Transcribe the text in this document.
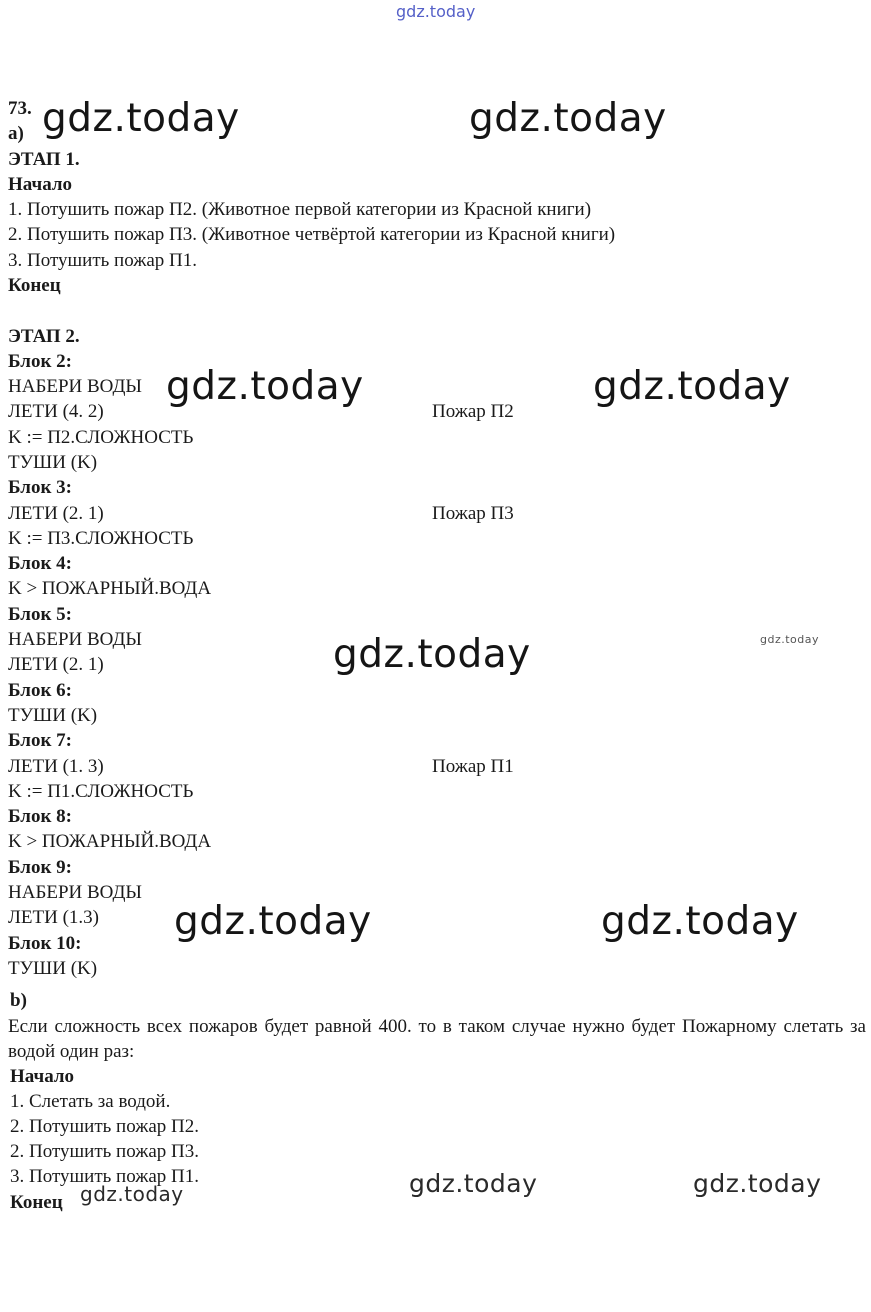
gdz.today
73.
а)
ЭТАП 1.
Начало
1. Потушить пожар П2. (Животное первой категории из Красной книги)
2. Потушить пожар П3. (Животное четвёртой категории из Красной книги)
3. Потушить пожар П1.
Конец
ЭТАП 2.
Блок 2:
НАБЕРИ ВОДЫ
ЛЕТИ (4. 2)	Пожар П2
K := П2.СЛОЖНОСТЬ
ТУШИ (K)
Блок 3:
ЛЕТИ (2. 1)	Пожар П3
K := П3.СЛОЖНОСТЬ
Блок 4:
K > ПОЖАРНЫЙ.ВОДА
Блок 5:
НАБЕРИ ВОДЫ
ЛЕТИ (2. 1)
Блок 6:
ТУШИ (K)
Блок 7:
ЛЕТИ (1. 3)	Пожар П1
K := П1.СЛОЖНОСТЬ
Блок 8:
K > ПОЖАРНЫЙ.ВОДА
Блок 9:
НАБЕРИ ВОДЫ
ЛЕТИ (1.3)
Блок 10:
ТУШИ (K)
b)
Если сложность всех пожаров будет равной 400. то в таком случае нужно будет Пожарному слетать за водой один раз:
Начало
1. Слетать за водой.
2. Потушить пожар П2.
2. Потушить пожар П3.
3. Потушить пожар П1.
Конец
gdz.today	gdz.today
gdz.today	gdz.today
gdz.today	gdz.today
gdz.today	gdz.today
gdz.today	gdz.today
gdz.today
